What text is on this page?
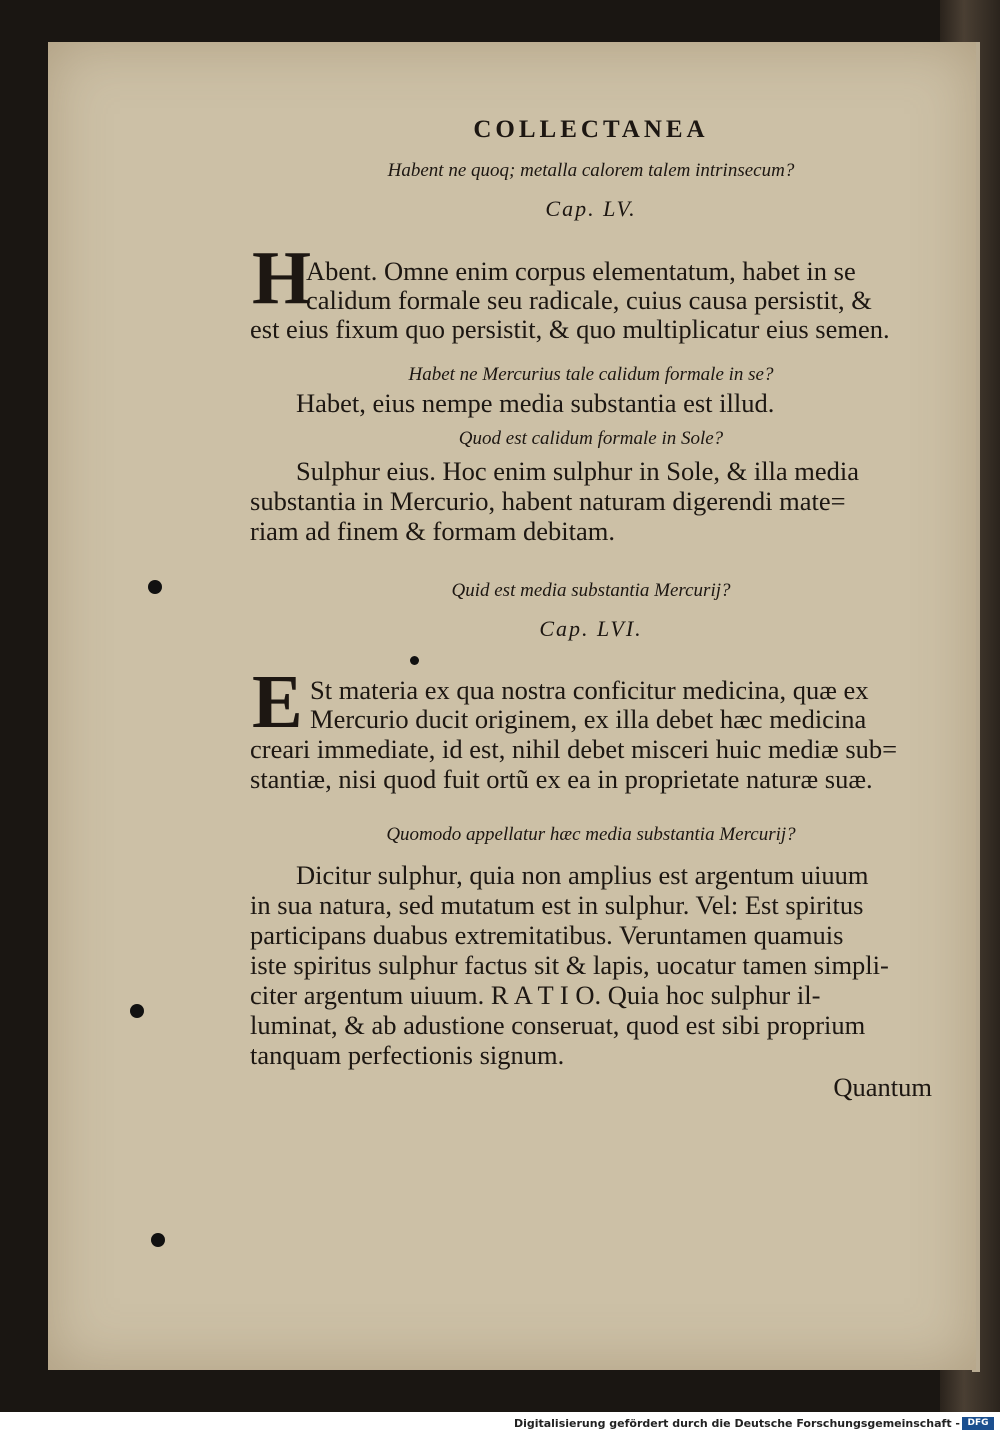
COLLECTANEA
Habent ne quoq; metalla calorem talem intrinsecum?
Cap. LV.
H
Abent. Omne enim corpus elementatum, habet in se
calidum formale seu radicale, cuius causa persistit, &
est eius fixum quo persistit, & quo multiplicatur eius semen.
Habet ne Mercurius tale calidum formale in se?
Habet, eius nempe media substantia est illud.
Quod est calidum formale in Sole?
Sulphur eius. Hoc enim sulphur in Sole, & illa media
substantia in Mercurio, habent naturam digerendi mate=
riam ad finem & formam debitam.
Quid est media substantia Mercurij?
Cap. LVI.
E St materia ex qua nostra conficitur medicina, quæ ex
Mercurio ducit originem, ex illa debet hæc medicina
creari immediate, id est, nihil debet misceri huic mediæ sub=
stantiæ, nisi quod fuit ortũ ex ea in proprietate naturæ suæ.
Quomodo appellatur hæc media substantia Mercurij?
Dicitur sulphur, quia non amplius est argentum uiuum
in sua natura, sed mutatum est in sulphur. Vel: Est spiritus
participans duabus extremitatibus. Veruntamen quamuis
iste spiritus sulphur factus sit & lapis, uocatur tamen simpli-
citer argentum uiuum. R A T I O. Quia hoc sulphur il-
luminat, & ab adustione conseruat, quod est sibi proprium
tanquam perfectionis signum.
Quantum
Digitalisierung gefördert durch die Deutsche Forschungsgemeinschaft - DFG
